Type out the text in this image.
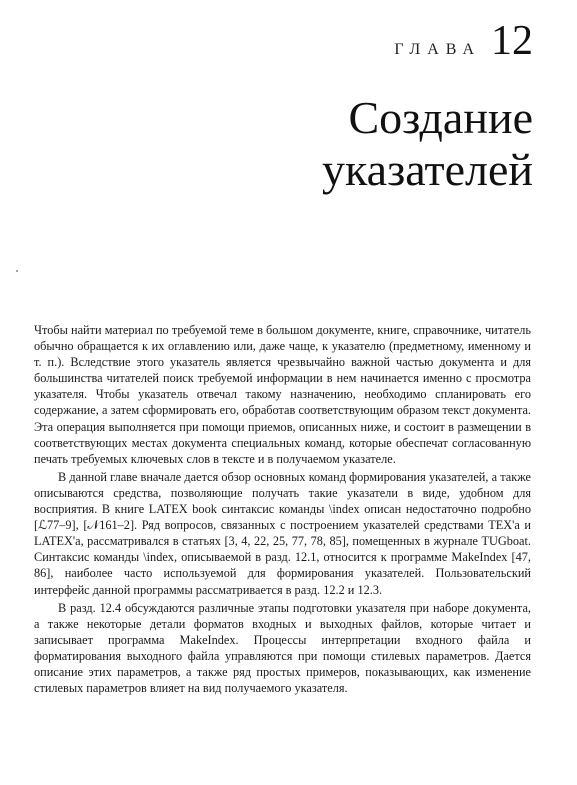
ГЛАВА 12
Создание
указателей

Чтобы найти материал по требуемой теме в большом документе, книге, справочнике, читатель обычно обращается к их оглавлению или, даже чаще, к указателю (предметному, именному и т. п.). Вследствие этого указатель является чрезвычайно важной частью документа и для большинства читателей поиск требуемой информации в нем начинается именно с просмотра указателя. Чтобы указатель отвечал такому назначению, необходимо спланировать его содержание, а затем сформировать его, обработав соответствующим образом текст документа. Эта операция выполняется при помощи приемов, описанных ниже, и состоит в размещении в соответствующих местах документа специальных команд, которые обеспечат согласованную печать требуемых ключевых слов в тексте и в получаемом указателе.

В данной главе вначале дается обзор основных команд формирования указателей, а также описываются средства, позволяющие получать такие указатели в виде, удобном для восприятия. В книге LATEX book синтаксис команды \index описан недостаточно подробно [ℒ77–9], [𝒩161–2]. Ряд вопросов, связанных с построением указателей средствами TEX'а и LATEX'а, рассматривался в статьях [3, 4, 22, 25, 77, 78, 85], помещенных в журнале TUGboat. Синтаксис команды \index, описываемой в разд. 12.1, относится к программе MakeIndex [47, 86], наиболее часто используемой для формирования указателей. Пользовательский интерфейс данной программы рассматривается в разд. 12.2 и 12.3.

В разд. 12.4 обсуждаются различные этапы подготовки указателя при наборе документа, а также некоторые детали форматов входных и выходных файлов, которые читает и записывает программа MakeIndex. Процессы интерпретации входного файла и форматирования выходного файла управляются при помощи стилевых параметров. Дается описание этих параметров, а также ряд простых примеров, показывающих, как изменение стилевых параметров влияет на вид получаемого указателя.
